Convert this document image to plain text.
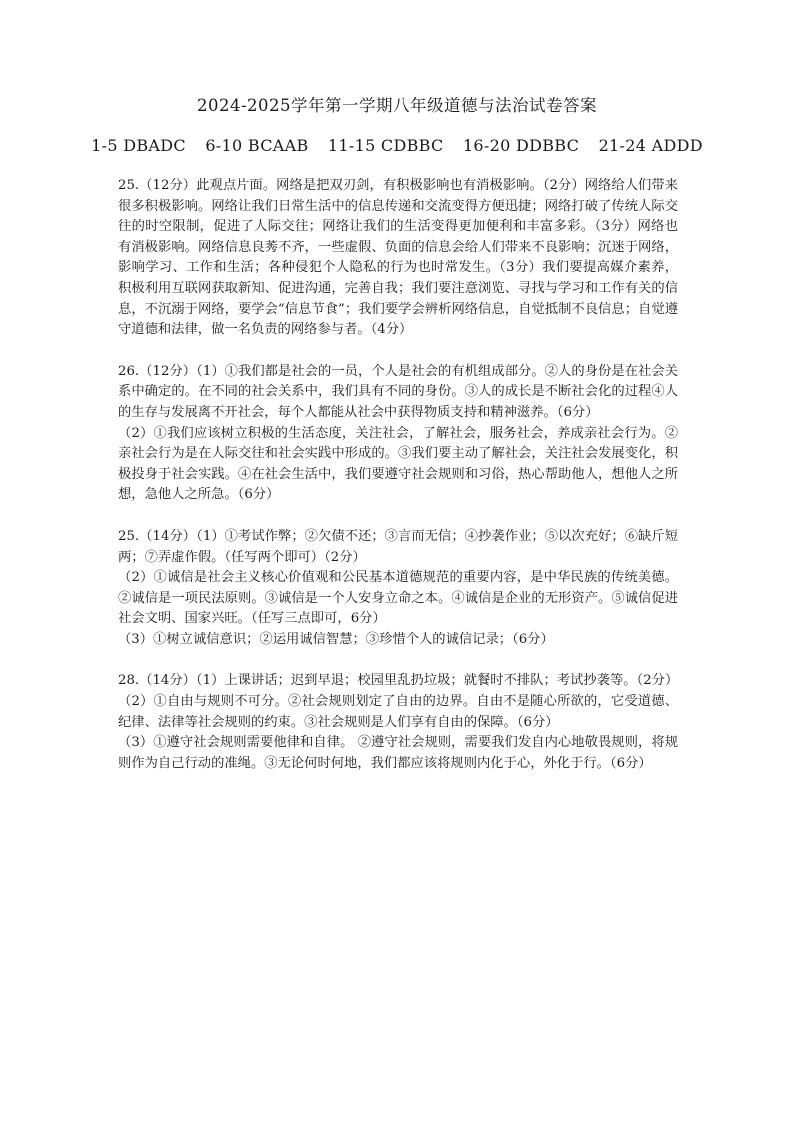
2024-2025学年第一学期八年级道德与法治试卷答案
1-5 DBADC 6-10 BCAAB 11-15 CDBBC 16-20 DDBBC 21-24 ADDD

25.（12分）此观点片面。网络是把双刃剑，有积极影响也有消极影响。（2分）网络给人们带来很多积极影响。网络让我们日常生活中的信息传递和交流变得方便迅捷；网络打破了传统人际交往的时空限制，促进了人际交往；网络让我们的生活变得更加便利和丰富多彩。（3分）网络也有消极影响。网络信息良莠不齐，一些虚假、负面的信息会给人们带来不良影响；沉迷于网络，影响学习、工作和生活；各种侵犯个人隐私的行为也时常发生。（3分）我们要提高媒介素养，积极利用互联网获取新知、促进沟通，完善自我；我们要注意浏览、寻找与学习和工作有关的信息，不沉溺于网络，要学会“信息节食”；我们要学会辨析网络信息，自觉抵制不良信息；自觉遵守道德和法律，做一名负责的网络参与者。（4分）

26.（12分）（1）①我们都是社会的一员，个人是社会的有机组成部分。②人的身份是在社会关系中确定的。在不同的社会关系中，我们具有不同的身份。③人的成长是不断社会化的过程④人的生存与发展离不开社会，每个人都能从社会中获得物质支持和精神滋养。（6分）

（2）①我们应该树立积极的生活态度，关注社会，了解社会，服务社会，养成亲社会行为。②亲社会行为是在人际交往和社会实践中形成的。③我们要主动了解社会，关注社会发展变化，积极投身于社会实践。④在社会生活中，我们要遵守社会规则和习俗，热心帮助他人，想他人之所想，急他人之所急。（6分）

25.（14分）（1）①考试作弊；②欠债不还；③言而无信；④抄袭作业；⑤以次充好；⑥缺斤短两；⑦弄虚作假。（任写两个即可）（2分）

（2）①诚信是社会主义核心价值观和公民基本道德规范的重要内容，是中华民族的传统美德。②诚信是一项民法原则。③诚信是一个人安身立命之本。④诚信是企业的无形资产。⑤诚信促进社会文明、国家兴旺。（任写三点即可，6分）

（3）①树立诚信意识；②运用诚信智慧；③珍惜个人的诚信记录；（6分）

28.（14分）（1）上课讲话；迟到早退；校园里乱扔垃圾；就餐时不排队；考试抄袭等。（2分）

（2）①自由与规则不可分。②社会规则划定了自由的边界。自由不是随心所欲的，它受道德、纪律、法律等社会规则的约束。③社会规则是人们享有自由的保障。（6分）

（3）①遵守社会规则需要他律和自律。 ②遵守社会规则，需要我们发自内心地敬畏规则，将规则作为自己行动的准绳。③无论何时何地，我们都应该将规则内化于心，外化于行。（6分）
